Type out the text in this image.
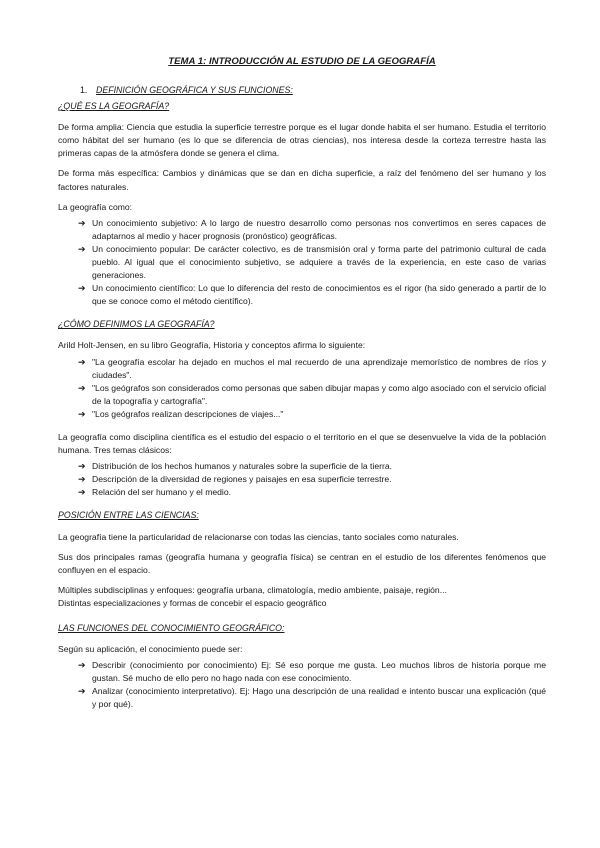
TEMA 1: INTRODUCCIÓN AL ESTUDIO DE LA GEOGRAFÍA
1. DEFINICIÓN GEOGRÁFICA Y SUS FUNCIONES:
¿QUÉ ES LA GEOGRAFÍA?

De forma amplia: Ciencia que estudia la superficie terrestre porque es el lugar donde habita el ser humano. Estudia el territorio como hábitat del ser humano (es lo que se diferencia de otras ciencias), nos interesa desde la corteza terrestre hasta las primeras capas de la atmósfera donde se genera el clima.

De forma más específica: Cambios y dinámicas que se dan en dicha superficie, a raíz del fenómeno del ser humano y los factores naturales.

La geografía como:

➔ Un conocimiento subjetivo: A lo largo de nuestro desarrollo como personas nos convertimos en seres capaces de adaptarnos al medio y hacer prognosis (pronóstico) geográficas.
➔ Un conocimiento popular: De carácter colectivo, es de transmisión oral y forma parte del patrimonio cultural de cada pueblo. Al igual que el conocimiento subjetivo, se adquiere a través de la experiencia, en este caso de varias generaciones.
➔ Un conocimiento científico: Lo que lo diferencia del resto de conocimientos es el rigor (ha sido generado a partir de lo que se conoce como el método científico).
¿CÓMO DEFINIMOS LA GEOGRAFÍA?

Arild Holt-Jensen, en su libro Geografía, Historia y conceptos afirma lo siguiente:

➔ "La geografía escolar ha dejado en muchos el mal recuerdo de una aprendizaje memorístico de nombres de ríos y ciudades".
➔ "Los geógrafos son considerados como personas que saben dibujar mapas y como algo asociado con el servicio oficial de la topografía y cartografía".
➔ "Los geógrafos realizan descripciones de viajes..."

La geografía como disciplina científica es el estudio del espacio o el territorio en el que se desenvuelve la vida de la población humana. Tres temas clásicos:

➔ Distribución de los hechos humanos y naturales sobre la superficie de la tierra.
➔ Descripción de la diversidad de regiones y paisajes en esa superficie terrestre.
➔ Relación del ser humano y el medio.
POSICIÓN ENTRE LAS CIENCIAS:

La geografía tiene la particularidad de relacionarse con todas las ciencias, tanto sociales como naturales.

Sus dos principales ramas (geografía humana y geografía física) se centran en el estudio de los diferentes fenómenos que confluyen en el espacio.

Múltiples subdisciplinas y enfoques: geografía urbana, climatología, medio ambiente, paisaje, región...

Distintas especializaciones y formas de concebir el espacio geográfico

LAS FUNCIONES DEL CONOCIMIENTO GEOGRÁFICO:

Según su aplicación, el conocimiento puede ser:

➔ Describir (conocimiento por conocimiento) Ej: Sé eso porque me gusta. Leo muchos libros de historia porque me gustan. Sé mucho de ello pero no hago nada con ese conocimiento.
➔ Analizar (conocimiento interpretativo). Ej: Hago una descripción de una realidad e intento buscar una explicación (qué y por qué).
